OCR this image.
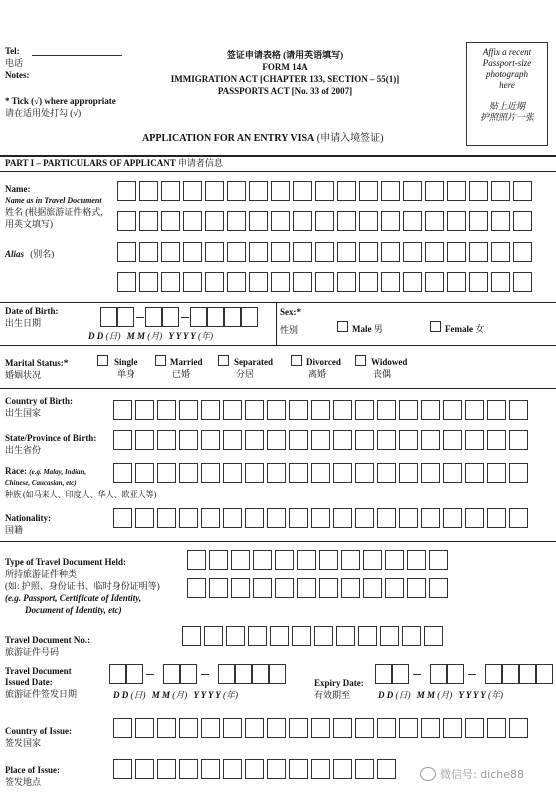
Tel:
电话
Notes:
* Tick (√) where appropriate
请在适用处打勾 (√)
签证申请表格 (请用英语填写)
FORM 14A
IMMIGRATION ACT [CHAPTER 133, SECTION – 55(1)]
PASSPORTS ACT [No. 33 of 2007]
APPLICATION FOR AN ENTRY VISA (申请入境签证)
Affix a recent
Passport-size
photograph
here
贴上近期
护照照片一张
PART I – PARTICULARS OF APPLICANT 申请者信息
Name:
Name as in Travel Document
姓名 (根据旅游证件格式,
用英文填写)
Alias (别名)
Date of Birth:
出生日期
D D (日) M M (月) Y Y Y Y (年)
Sex:*
性别	Male 男	Female 女
Marital Status:*
婚姻状况
Single
单身
Married
已婚
Separated
分居
Divorced
离婚
Widowed
丧偶
Country of Birth:
出生国家
State/Province of Birth:
出生省份
Race: (e.g. Malay, Indian,
Chinese, Caucasian, etc)
种族 (如马来人、印度人、华人、欧亚人等)
Nationality:
国籍
Type of Travel Document Held:
所持旅游证件种类
(如: 护照、身份证书、临时身份证明等)
(e.g. Passport, Certificate of Identity,
Document of Identity, etc)
Travel Document No.:
旅游证件号码
Travel Document
Issued Date:
旅游证件签发日期	D D (日) M M (月) Y Y Y Y (年)
Expiry Date:
有效期至	D D (日) M M (月) Y Y Y Y (年)
Country of Issue:
签发国家
Place of Issue:
签发地点
微信号: diche88
